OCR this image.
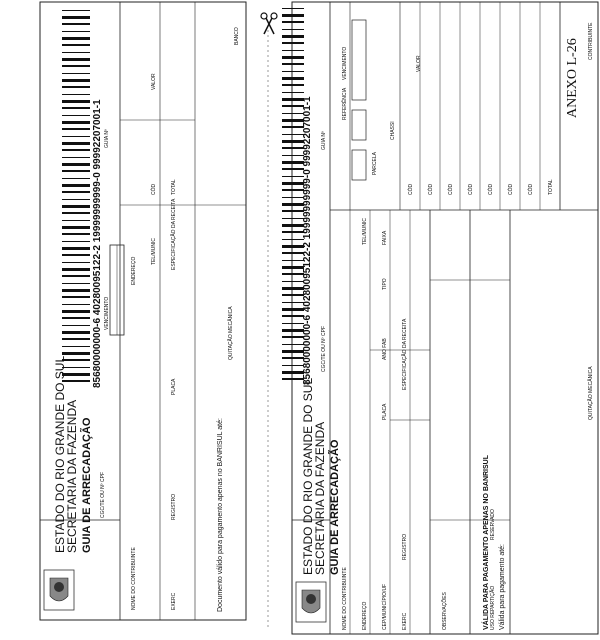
ANEXO L-26
85680000000-6 40280095122-2 19999999999-0 99992207001-1
ESTADO DO RIO GRANDE DO SUL
SECRETARIA DA FAZENDA GUIA DE ARRECADAÇÃO CGC/TE OU Nº CPF
VENCIMENTO
GUIA Nº
NOME DO CONTRIBUINTE
ENDEREÇO
TEL/MUNIC
EXERC
REGISTRO
PLACA
ESPECIFICAÇÃO DA RECEITA
CÓD
VALOR
TOTAL
Documento válido para pagamento apenas no BANRISUL até:
QUITAÇÃO MECÂNICA
BANCO
85680000000-6 40280095122-2 19999999999-0 99992207001-1
ESTADO DO RIO GRANDE DO SUL
SECRETARIA DA FAZENDA GUIA DE ARRECADAÇÃO
CGC/TE OU Nº CPF
GUIA Nº
REFERÊNCIA
PARCELA
VENCIMENTO
CHASSI
VALOR
CÓD	CÓD	CÓD	CÓD	CÓD	CÓD	CÓD	TOTAL
NOME DO CONTRIBUINTE	ENDEREÇO
TEL/MUNIC
CEP/MUNICÍPIO/UF
PLACA
ANO FAB
TIPO
FAIXA
EXERC
REGISTRO
ESPECIFICAÇÃO DA RECEITA
OBSERVAÇÕES	VÁLIDA PARA PAGAMENTO APENAS NO BANRISUL USO REPARTIÇÃO
RESERVADO
Válida para pagamento até:
QUITAÇÃO MECÂNICA
CONTRIBUINTE
